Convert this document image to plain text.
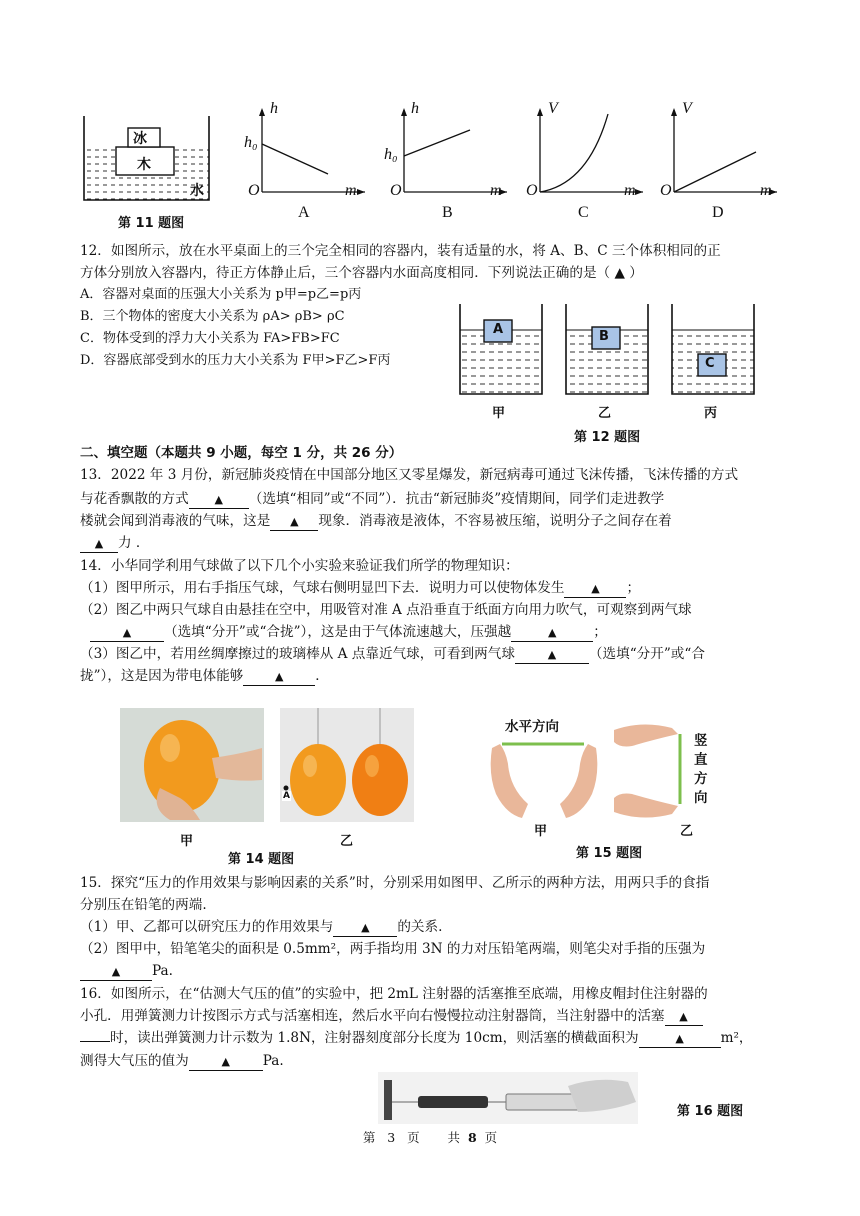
冰
木
水
第 11 题图
h
h₀
O	m
A
h
h₀
O	m
B
V
O	m
C
V
O	m
D
12．如图所示，放在水平桌面上的三个完全相同的容器内，装有适量的水，将 A、B、C 三个体积相同的正
方体分别放入容器内，待正方体静止后，三个容器内水面高度相同．下列说法正确的是（ ▲ ）
A．容器对桌面的压强大小关系为 p甲=p乙=p丙
B．三个物体的密度大小关系为 ρA> ρB> ρC
C．物体受到的浮力大小关系为 FA>FB>FC
D．容器底部受到水的压力大小关系为 F甲>F乙>F丙
A	B
C
甲	乙	丙
第 12 题图
二、填空题（本题共 9 小题，每空 1 分，共 26 分）
13．2022 年 3 月份，新冠肺炎疫情在中国部分地区又零星爆发，新冠病毒可通过飞沫传播，飞沫传播的方式
与花香飘散的方式 ▲ （选填“相同”或“不同”）．抗击“新冠肺炎”疫情期间，同学们走进教学
楼就会闻到消毒液的气味，这是 ▲ 现象．消毒液是液体，不容易被压缩，说明分子之间存在着
▲ 力 ．
14．小华同学利用气球做了以下几个小实验来验证我们所学的物理知识：
（1）图甲所示，用右手指压气球，气球右侧明显凹下去．说明力可以使物体发生 ▲ ；
（2）图乙中两只气球自由悬挂在空中，用吸管对准 A 点沿垂直于纸面方向用力吹气，可观察到两气球
▲ （选填“分开”或“合拢”），这是由于气体流速越大，压强越	▲	；
（3）图乙中，若用丝绸摩擦过的玻璃棒从 A 点靠近气球，可看到两气球	▲ （选填“分开”或“合
拢”），这是因为带电体能够	▲ ．
A
甲	乙
第 14 题图
水平方向
竖
直
方
向
甲	乙
第 15 题图
15．探究“压力的作用效果与影响因素的关系”时，分别采用如图甲、乙所示的两种方法，用两只手的食指
分别压在铅笔的两端.
（1）甲、乙都可以研究压力的作用效果与	▲ 的关系.
（2）图甲中，铅笔笔尖的面积是 0.5mm²，两手指均用 3N 的力对压铅笔两端，则笔尖对手指的压强为
▲ Pa.
16．如图所示，在“估测大气压的值”的实验中，把 2mL 注射器的活塞推至底端，用橡皮帽封住注射器的
小孔．用弹簧测力计按图示方式与活塞相连，然后水平向右慢慢拉动注射器筒，当注射器中的活塞 ▲
时，读出弹簧测力计示数为 1.8N，注射器刻度部分长度为 10cm，则活塞的横截面积为	▲	m²，
测得大气压的值为	▲ Pa.
第 16 题图
第 3 页 共 8 页
